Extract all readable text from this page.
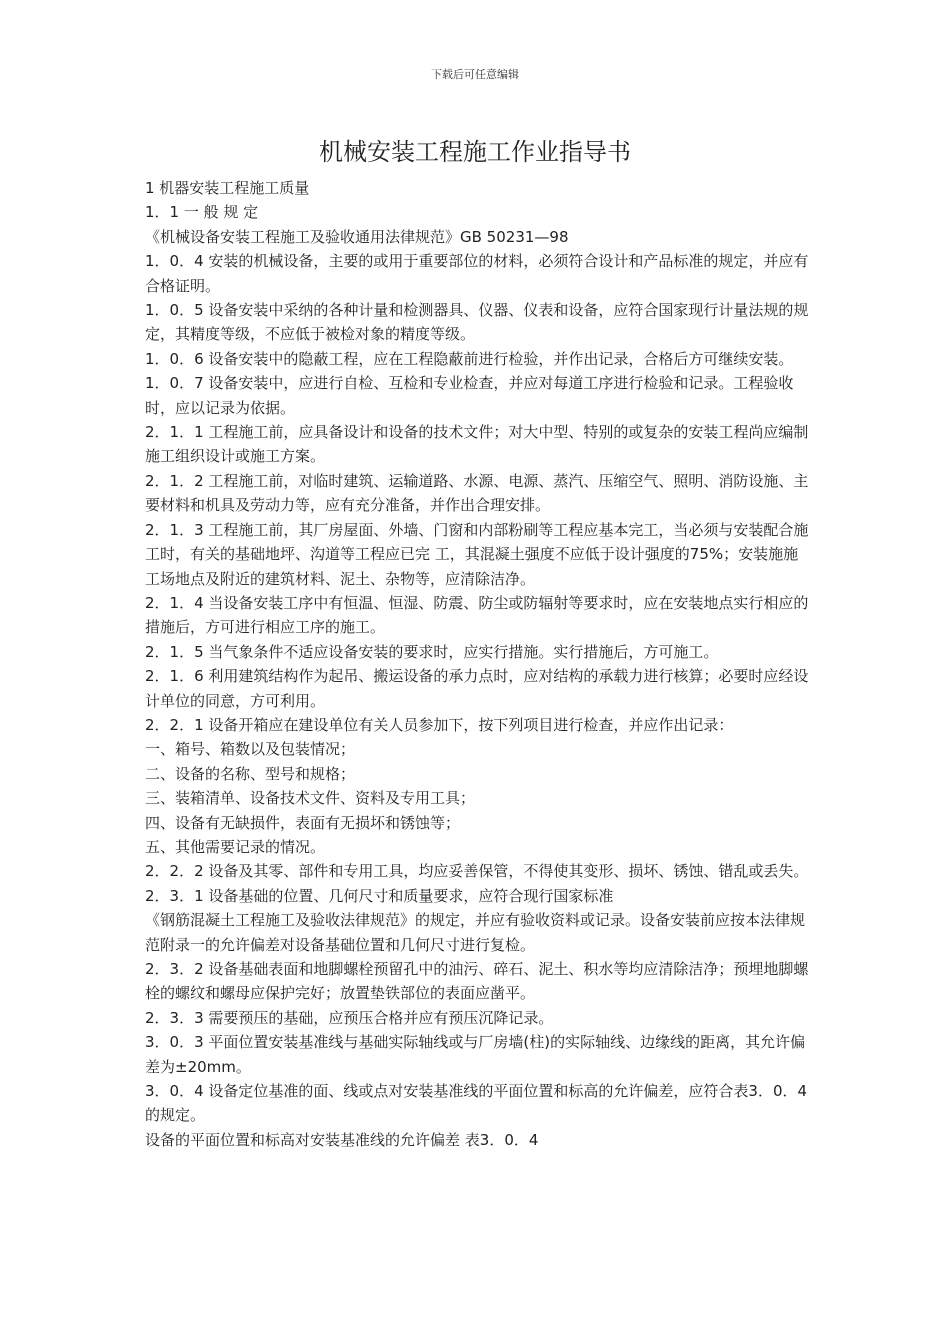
下载后可任意编辑
机械安装工程施工作业指导书

1 机器安装工程施工质量

1．1 一 般 规 定

《机械设备安装工程施工及验收通用法律规范》GB 50231—98

1．0．4 安装的机械设备，主要的或用于重要部位的材料，必须符合设计和产品标准的规定，并应有合格证明。

1．0．5 设备安装中采纳的各种计量和检测器具、仪器、仪表和设备，应符合国家现行计量法规的规定，其精度等级，不应低于被检对象的精度等级。

1．0．6 设备安装中的隐蔽工程，应在工程隐蔽前进行检验，并作出记录，合格后方可继续安装。

1．0．7 设备安装中，应进行自检、互检和专业检查，并应对每道工序进行检验和记录。工程验收时，应以记录为依据。

2．1．1 工程施工前，应具备设计和设备的技术文件；对大中型、特别的或复杂的安装工程尚应编制施工组织设计或施工方案。

2．1．2 工程施工前，对临时建筑、运输道路、水源、电源、蒸汽、压缩空气、照明、消防设施、主要材料和机具及劳动力等，应有充分准备，并作出合理安排。

2．1．3 工程施工前，其厂房屋面、外墙、门窗和内部粉刷等工程应基本完工，当必须与安装配合施工时，有关的基础地坪、沟道等工程应已完 工，其混凝土强度不应低于设计强度的75%；安装施施工场地点及附近的建筑材料、泥土、杂物等，应清除洁净。

2．1．4 当设备安装工序中有恒温、恒湿、防震、防尘或防辐射等要求时，应在安装地点实行相应的措施后，方可进行相应工序的施工。

2．1．5 当气象条件不适应设备安装的要求时，应实行措施。实行措施后，方可施工。

2．1．6 利用建筑结构作为起吊、搬运设备的承力点时，应对结构的承载力进行核算；必要时应经设计单位的同意，方可利用。

2．2．1 设备开箱应在建设单位有关人员参加下，按下列项目进行检查，并应作出记录：

一、箱号、箱数以及包装情况；

二、设备的名称、型号和规格；

三、装箱清单、设备技术文件、资料及专用工具；

四、设备有无缺损件，表面有无损坏和锈蚀等；

五、其他需要记录的情况。

2．2．2 设备及其零、部件和专用工具，均应妥善保管，不得使其变形、损坏、锈蚀、错乱或丢失。

2．3．1 设备基础的位置、几何尺寸和质量要求，应符合现行国家标准

《钢筋混凝土工程施工及验收法律规范》的规定，并应有验收资料或记录。设备安装前应按本法律规范附录一的允许偏差对设备基础位置和几何尺寸进行复检。

2．3．2 设备基础表面和地脚螺栓预留孔中的油污、碎石、泥土、积水等均应清除洁净；预埋地脚螺栓的螺纹和螺母应保护完好；放置垫铁部位的表面应凿平。

2．3．3 需要预压的基础，应预压合格并应有预压沉降记录。

3．0．3 平面位置安装基准线与基础实际轴线或与厂房墙(柱)的实际轴线、边缘线的距离，其允许偏差为±20mm。

3．0．4 设备定位基准的面、线或点对安装基准线的平面位置和标高的允许偏差，应符合表3．0．4 的规定。

设备的平面位置和标高对安装基准线的允许偏差 表3．0．4
